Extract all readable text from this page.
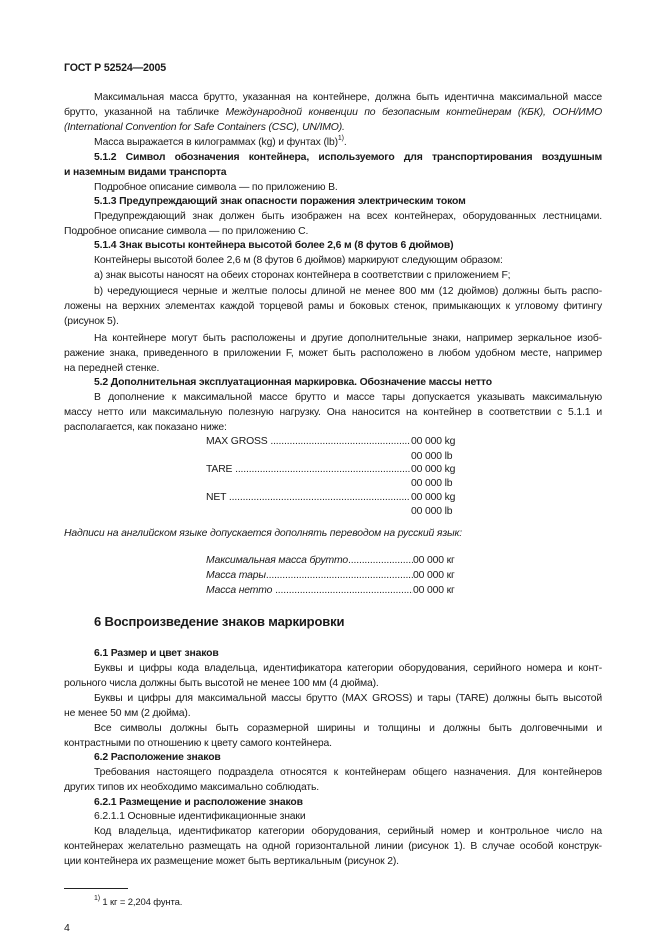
ГОСТ Р 52524—2005
Максимальная масса брутто, указанная на контейнере, должна быть идентична максимальной массе
брутто, указанной на табличке Международной конвенции по безопасным контейнерам (КБК), ООН/ИМО
(International Convention for Safe Containers (CSC), UN/IMO).
Масса выражается в килограммах (kg) и фунтах (lb)$^{1)}$.
5.1.2 Символ обозначения контейнера, используемого для транспортирования воздушным
и наземным видами транспорта
Подробное описание символа — по приложению B.
5.1.3 Предупреждающий знак опасности поражения электрическим током
Предупреждающий знак должен быть изображен на всех контейнерах, оборудованных лестницами.
Подробное описание символа — по приложению C.
5.1.4 Знак высоты контейнера высотой более 2,6 м (8 футов 6 дюймов)
Контейнеры высотой более 2,6 м (8 футов 6 дюймов) маркируют следующим образом:
а) знак высоты наносят на обеих сторонах контейнера в соответствии с приложением F;
b) чередующиеся черные и желтые полосы длиной не менее 800 мм (12 дюймов) должны быть распо-
ложены на верхних элементах каждой торцевой рамы и боковых стенок, примыкающих к угловому фитингу
(рисунок 5).
На контейнере могут быть расположены и другие дополнительные знаки, например зеркальное изоб-
ражение знака, приведенного в приложении F, может быть расположено в любом удобном месте, например
на передней стенке.
5.2 Дополнительная эксплуатационная маркировка. Обозначение массы нетто
В дополнение к максимальной массе брутто и массе тары допускается указывать максимальную
массу нетто или максимальную полезную нагрузку. Она наносится на контейнер в соответствии с 5.1.1 и
располагается, как показано ниже:
MAX GROSS .....	00 000 kg
00 000 lb
TARE .....	00 000 kg
00 000 lb
NET .....	00 000 kg
00 000 lb
Надписи на английском языке допускается дополнять переводом на русский язык:
Максимальная масса брутто .....	00 000 кг
Масса тары .....	00 000 кг
Масса нетто .....	00 000 кг
6 Воспроизведение знаков маркировки
6.1 Размер и цвет знаков
Буквы и цифры кода владельца, идентификатора категории оборудования, серийного номера и конт-
рольного числа должны быть высотой не менее 100 мм (4 дюйма).
Буквы и цифры для максимальной массы брутто (MAX GROSS) и тары (TARE) должны быть высотой
не менее 50 мм (2 дюйма).
Все символы должны быть соразмерной ширины и толщины и должны быть долговечными и
контрастными по отношению к цвету самого контейнера.
6.2 Расположение знаков
Требования настоящего подраздела относятся к контейнерам общего назначения. Для контейнеров
других типов их необходимо максимально соблюдать.
6.2.1 Размещение и расположение знаков
6.2.1.1 Основные идентификационные знаки
Код владельца, идентификатор категории оборудования, серийный номер и контрольное число на
контейнерах желательно размещать на одной горизонтальной линии (рисунок 1). В случае особой конструк-
ции контейнера их размещение может быть вертикальным (рисунок 2).
$^{1)}$ 1 кг = 2,204 фунта.
4
